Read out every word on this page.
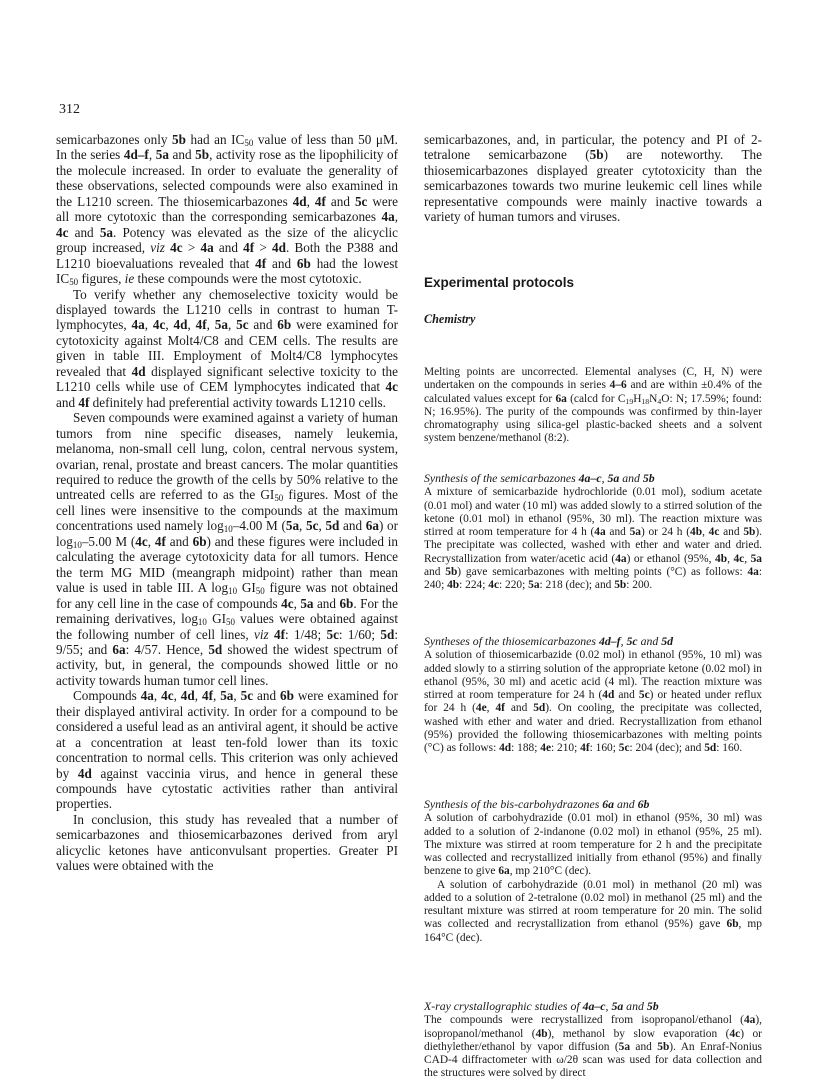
312

semicarbazones only 5b had an $IC_{50}$ value of less than 50 μM. In the series 4d–f, 5a and 5b, activity rose as the lipophilicity of the molecule increased. In order to evaluate the generality of these observations, selected compounds were also examined in the L1210 screen. The thiosemicarbazones 4d, 4f and 5c were all more cytotoxic than the corresponding semicarbazones 4a, 4c and 5a. Potency was elevated as the size of the alicyclic group increased, viz 4c > 4a and 4f > 4d. Both the P388 and L1210 bioevaluations revealed that 4f and 6b had the lowest $IC_{50}$ figures, ie these compounds were the most cytotoxic.

To verify whether any chemoselective toxicity would be displayed towards the L1210 cells in contrast to human T-lymphocytes, 4a, 4c, 4d, 4f, 5a, 5c and 6b were examined for cytotoxicity against Molt4/C8 and CEM cells. The results are given in table III. Employment of Molt4/C8 lymphocytes revealed that 4d displayed significant selective toxicity to the L1210 cells while use of CEM lymphocytes indicated that 4c and 4f definitely had preferential activity towards L1210 cells.

Seven compounds were examined against a variety of human tumors from nine specific diseases, namely leukemia, melanoma, non-small cell lung, colon, central nervous system, ovarian, renal, prostate and breast cancers. The molar quantities required to reduce the growth of the cells by 50% relative to the untreated cells are referred to as the $GI_{50}$ figures. Most of the cell lines were insensitive to the compounds at the maximum concentrations used namely $\log_{10}-4.00$ M (5a, 5c, 5d and 6a) or $\log_{10}-5.00$ M (4c, 4f and 6b) and these figures were included in calculating the average cytotoxicity data for all tumors. Hence the term MG MID (meangraph midpoint) rather than mean value is used in table III. A $\log_{10} GI_{50}$ figure was not obtained for any cell line in the case of compounds 4c, 5a and 6b. For the remaining derivatives, $\log_{10} GI_{50}$ values were obtained against the following number of cell lines, viz 4f: 1/48; 5c: 1/60; 5d: 9/55; and 6a: 4/57. Hence, 5d showed the widest spectrum of activity, but, in general, the compounds showed little or no activity towards human tumor cell lines.

Compounds 4a, 4c, 4d, 4f, 5a, 5c and 6b were examined for their displayed antiviral activity. In order for a compound to be considered a useful lead as an antiviral agent, it should be active at a concentration at least ten-fold lower than its toxic concentration to normal cells. This criterion was only achieved by 4d against vaccinia virus, and hence in general these compounds have cytostatic activities rather than antiviral properties.

In conclusion, this study has revealed that a number of semicarbazones and thiosemicarbazones derived from aryl alicyclic ketones have anticonvulsant properties. Greater PI values were obtained with the

semicarbazones, and, in particular, the potency and PI of 2-tetralone semicarbazone (5b) are noteworthy. The thiosemicarbazones displayed greater cytotoxicity than the semicarbazones towards two murine leukemic cell lines while representative compounds were mainly inactive towards a variety of human tumors and viruses.

Experimental protocols
Chemistry

Melting points are uncorrected. Elemental analyses (C, H, N) were undertaken on the compounds in series 4–6 and are within ±0.4% of the calculated values except for 6a (calcd for $C_{19}H_{18}N_4O$: N; 17.59%; found: N; 16.95%). The purity of the compounds was confirmed by thin-layer chromatography using silica-gel plastic-backed sheets and a solvent system benzene/methanol (8:2).

Synthesis of the semicarbazones 4a–c, 5a and 5b

A mixture of semicarbazide hydrochloride (0.01 mol), sodium acetate (0.01 mol) and water (10 ml) was added slowly to a stirred solution of the ketone (0.01 mol) in ethanol (95%, 30 ml). The reaction mixture was stirred at room temperature for 4 h (4a and 5a) or 24 h (4b, 4c and 5b). The precipitate was collected, washed with ether and water and dried. Recrystallization from water/acetic acid (4a) or ethanol (95%, 4b, 4c, 5a and 5b) gave semicarbazones with melting points (°C) as follows: 4a: 240; 4b: 224; 4c: 220; 5a: 218 (dec); and 5b: 200.

Syntheses of the thiosemicarbazones 4d–f, 5c and 5d

A solution of thiosemicarbazide (0.02 mol) in ethanol (95%, 10 ml) was added slowly to a stirring solution of the appropriate ketone (0.02 mol) in ethanol (95%, 30 ml) and acetic acid (4 ml). The reaction mixture was stirred at room temperature for 24 h (4d and 5c) or heated under reflux for 24 h (4e, 4f and 5d). On cooling, the precipitate was collected, washed with ether and water and dried. Recrystallization from ethanol (95%) provided the following thiosemicarbazones with melting points (°C) as follows: 4d: 188; 4e: 210; 4f: 160; 5c: 204 (dec); and 5d: 160.

Synthesis of the bis-carbohydrazones 6a and 6b

A solution of carbohydrazide (0.01 mol) in ethanol (95%, 30 ml) was added to a solution of 2-indanone (0.02 mol) in ethanol (95%, 25 ml). The mixture was stirred at room temperature for 2 h and the precipitate was collected and recrystallized initially from ethanol (95%) and finally benzene to give 6a, mp 210°C (dec).

A solution of carbohydrazide (0.01 mol) in methanol (20 ml) was added to a solution of 2-tetralone (0.02 mol) in methanol (25 ml) and the resultant mixture was stirred at room temperature for 20 min. The solid was collected and recrystallization from ethanol (95%) gave 6b, mp 164°C (dec).

X-ray crystallographic studies of 4a–c, 5a and 5b

The compounds were recrystallized from isopropanol/ethanol (4a), isopropanol/methanol (4b), methanol by slow evaporation (4c) or diethylether/ethanol by vapor diffusion (5a and 5b). An Enraf-Nonius CAD-4 diffractometer with ω/2θ scan was used for data collection and the structures were solved by direct
